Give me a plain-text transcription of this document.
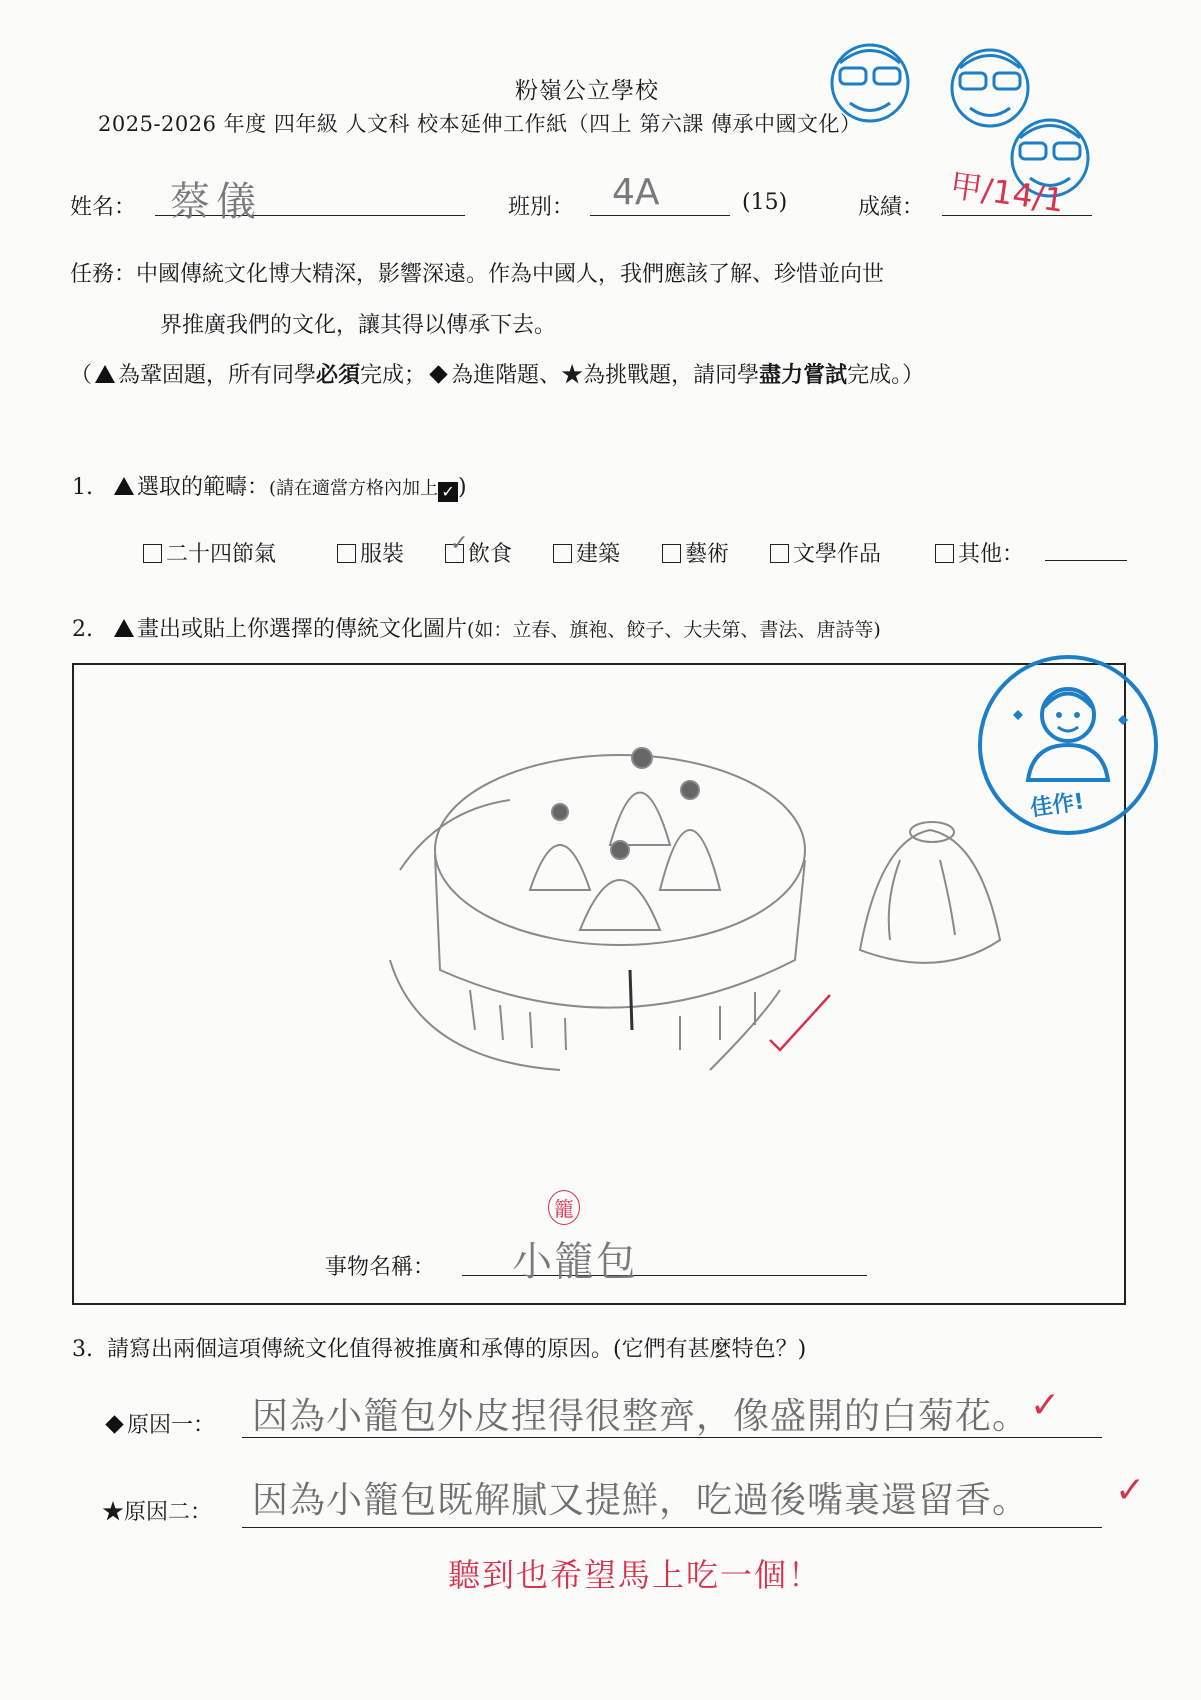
粉嶺公立學校
2025-2026 年度 四年級 人文科 校本延伸工作紙（四上 第六課 傳承中國文化）
姓名： 蔡儀	班別： 4A	(15)	成績： 甲/14/1
任務：中國傳統文化博大精深，影響深遠。作為中國人，我們應該了解、珍惜並向世
界推廣我們的文化，讓其得以傳承下去。
（ 為鞏固題，所有同學必須完成； 為進階題、★為挑戰題，請同學盡力嘗試完成。）
1. 選取的範疇：(請在適當方格內加上 ✓ )
二十四節氣	服裝 ✓ 飲食	建築	藝術	文學作品	其他：
2. 畫出或貼上你選擇的傳統文化圖片(如：立春、旗袍、餃子、大夫第、書法、唐詩等)
佳作!
事物名稱： 小籠包
籠
3. 請寫出兩個這項傳統文化值得被推廣和承傳的原因。(它們有甚麼特色？)
原因一： 因為小籠包外皮捏得很整齊，像盛開的白菊花。 ✓
★原因二： 因為小籠包既解膩又提鮮，吃過後嘴裏還留香。 ✓
聽到也希望馬上吃一個！
